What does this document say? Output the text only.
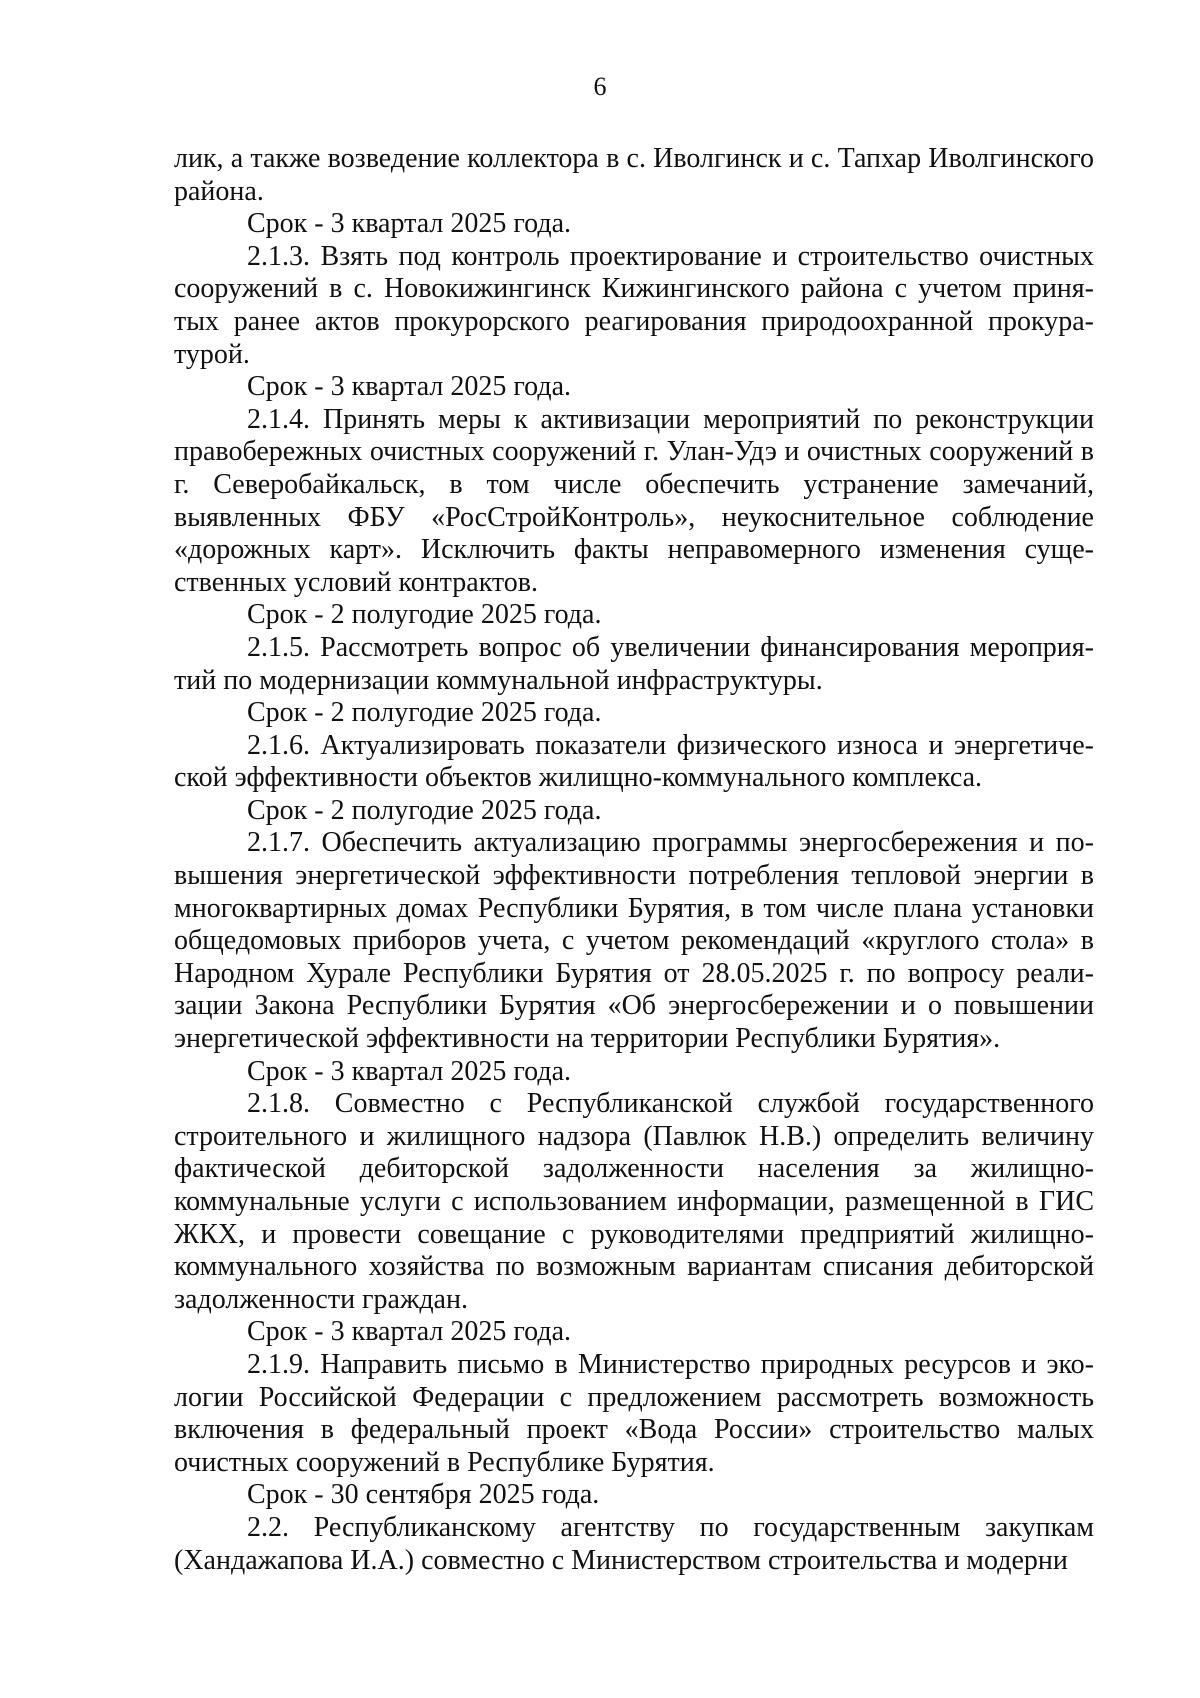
6

лик, а также возведение коллектора в с. Иволгинск и с. Тапхар Иволгинского района.

Срок - 3 квартал 2025 года.

2.1.3. Взять под контроль проектирование и строительство очистных сооружений в с. Новокижингинск Кижингинского района с учетом принятых ранее актов прокурорского реагирования природоохранной прокуратурой.

Срок - 3 квартал 2025 года.

2.1.4. Принять меры к активизации мероприятий по реконструкции правобережных очистных сооружений г. Улан-Удэ и очистных сооружений в г. Северобайкальск, в том числе обеспечить устранение замечаний, выявленных ФБУ «РосСтройКонтроль», неукоснительное соблюдение «дорожных карт». Исключить факты неправомерного изменения существенных условий контрактов.

Срок - 2 полугодие 2025 года.

2.1.5. Рассмотреть вопрос об увеличении финансирования мероприятий по модернизации коммунальной инфраструктуры.

Срок - 2 полугодие 2025 года.

2.1.6. Актуализировать показатели физического износа и энергетической эффективности объектов жилищно-коммунального комплекса.

Срок - 2 полугодие 2025 года.

2.1.7. Обеспечить актуализацию программы энергосбережения и повышения энергетической эффективности потребления тепловой энергии в многоквартирных домах Республики Бурятия, в том числе плана установки общедомовых приборов учета, с учетом рекомендаций «круглого стола» в Народном Хурале Республики Бурятия от 28.05.2025 г. по вопросу реализации Закона Республики Бурятия «Об энергосбережении и о повышении энергетической эффективности на территории Республики Бурятия».

Срок - 3 квартал 2025 года.

2.1.8. Совместно с Республиканской службой государственного строительного и жилищного надзора (Павлюк Н.В.) определить величину фактической дебиторской задолженности населения за жилищно-коммунальные услуги с использованием информации, размещенной в ГИС ЖКХ, и провести совещание с руководителями предприятий жилищно-коммунального хозяйства по возможным вариантам списания дебиторской задолженности граждан.

Срок - 3 квартал 2025 года.

2.1.9. Направить письмо в Министерство природных ресурсов и экологии Российской Федерации с предложением рассмотреть возможность включения в федеральный проект «Вода России» строительство малых очистных сооружений в Республике Бурятия.

Срок - 30 сентября 2025 года.

2.2. Республиканскому агентству по государственным закупкам (Хандажапова И.А.) совместно с Министерством строительства и модерни
